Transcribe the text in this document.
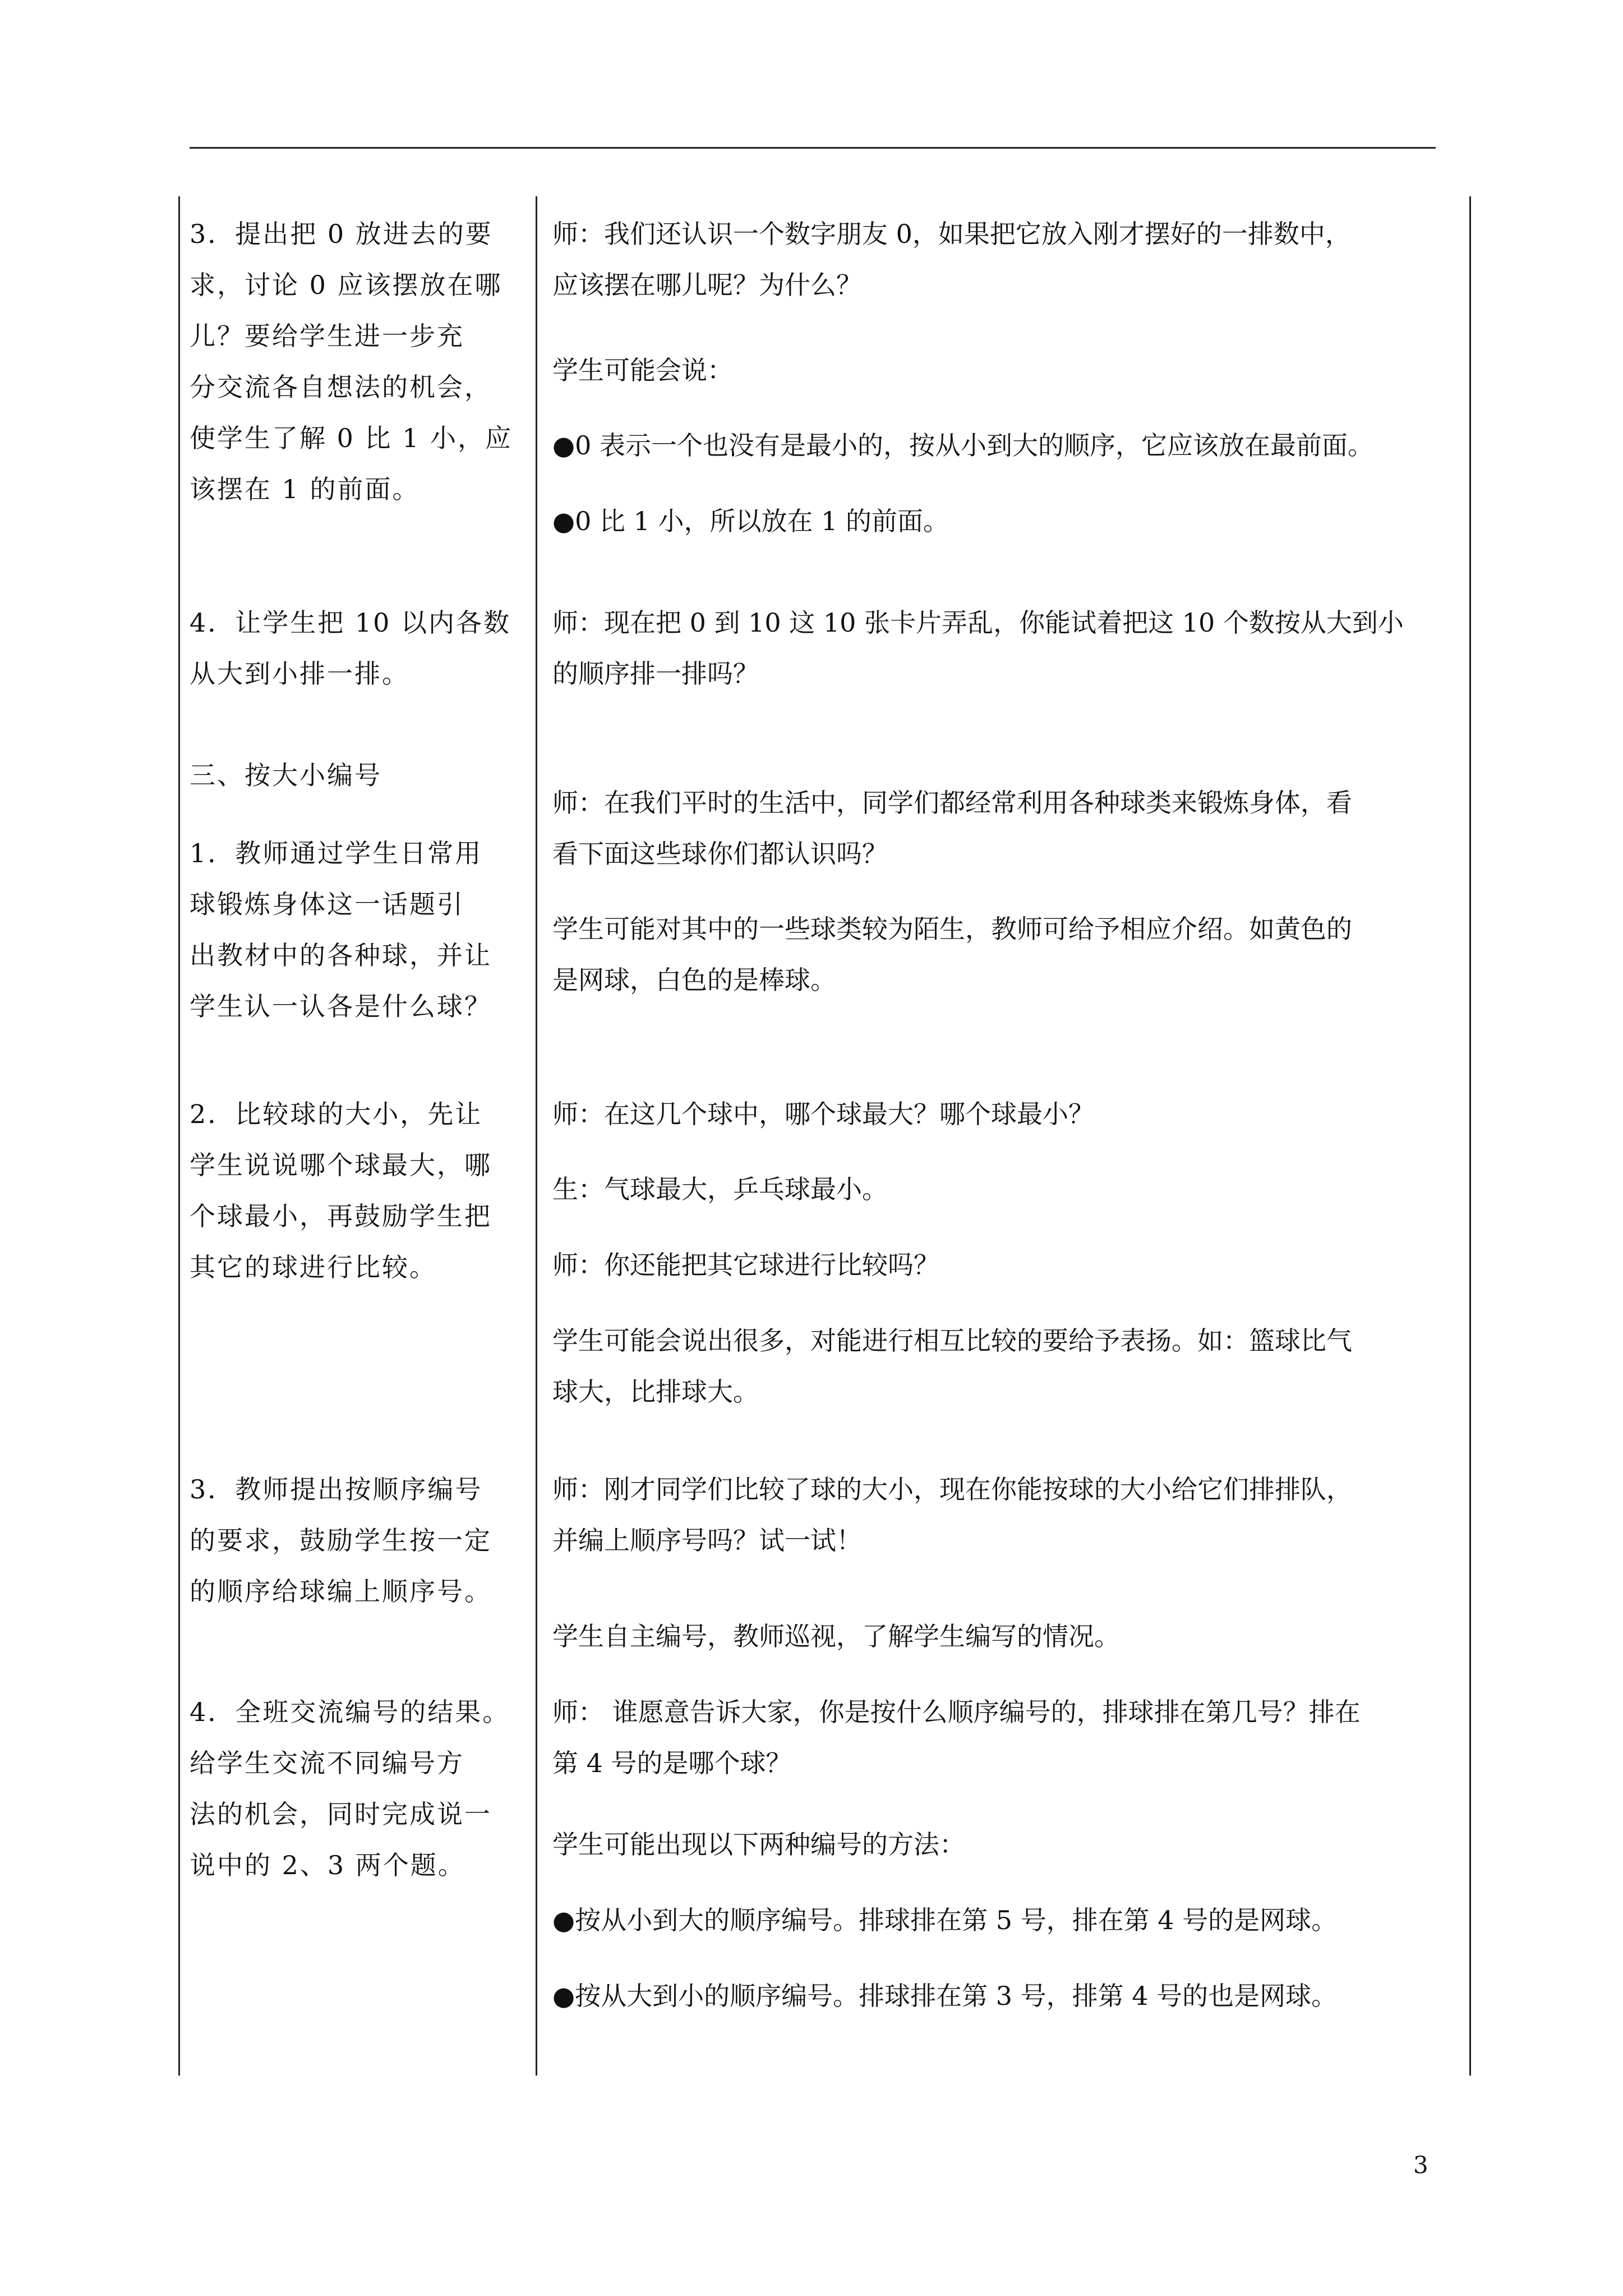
3．提出把 0 放进去的要
求，讨论 0 应该摆放在哪
儿？要给学生进一步充
分交流各自想法的机会，
使学生了解 0 比 1 小，应
该摆在 1 的前面。
4．让学生把 10 以内各数
从大到小排一排。
三、按大小编号
1．教师通过学生日常用
球锻炼身体这一话题引
出教材中的各种球，并让
学生认一认各是什么球？
2．比较球的大小，先让
学生说说哪个球最大，哪
个球最小，再鼓励学生把
其它的球进行比较。
3．教师提出按顺序编号
的要求，鼓励学生按一定
的顺序给球编上顺序号。
4．全班交流编号的结果。
给学生交流不同编号方
法的机会，同时完成说一
说中的 2、3 两个题。
师：我们还认识一个数字朋友 0，如果把它放入刚才摆好的一排数中，
应该摆在哪儿呢？为什么？
学生可能会说：
●0 表示一个也没有是最小的，按从小到大的顺序，它应该放在最前面。
●0 比 1 小，所以放在 1 的前面。
师：现在把 0 到 10 这 10 张卡片弄乱，你能试着把这 10 个数按从大到小
的顺序排一排吗？
师：在我们平时的生活中，同学们都经常利用各种球类来锻炼身体，看
看下面这些球你们都认识吗？
学生可能对其中的一些球类较为陌生，教师可给予相应介绍。如黄色的
是网球，白色的是棒球。
师：在这几个球中，哪个球最大？哪个球最小？
生：气球最大，乒乓球最小。
师：你还能把其它球进行比较吗？
学生可能会说出很多，对能进行相互比较的要给予表扬。如：篮球比气
球大，比排球大。
师：刚才同学们比较了球的大小，现在你能按球的大小给它们排排队，
并编上顺序号吗？试一试！
学生自主编号，教师巡视，了解学生编写的情况。
师： 谁愿意告诉大家，你是按什么顺序编号的，排球排在第几号？排在
第 4 号的是哪个球？
学生可能出现以下两种编号的方法：
●按从小到大的顺序编号。排球排在第 5 号，排在第 4 号的是网球。
●按从大到小的顺序编号。排球排在第 3 号，排第 4 号的也是网球。
3
